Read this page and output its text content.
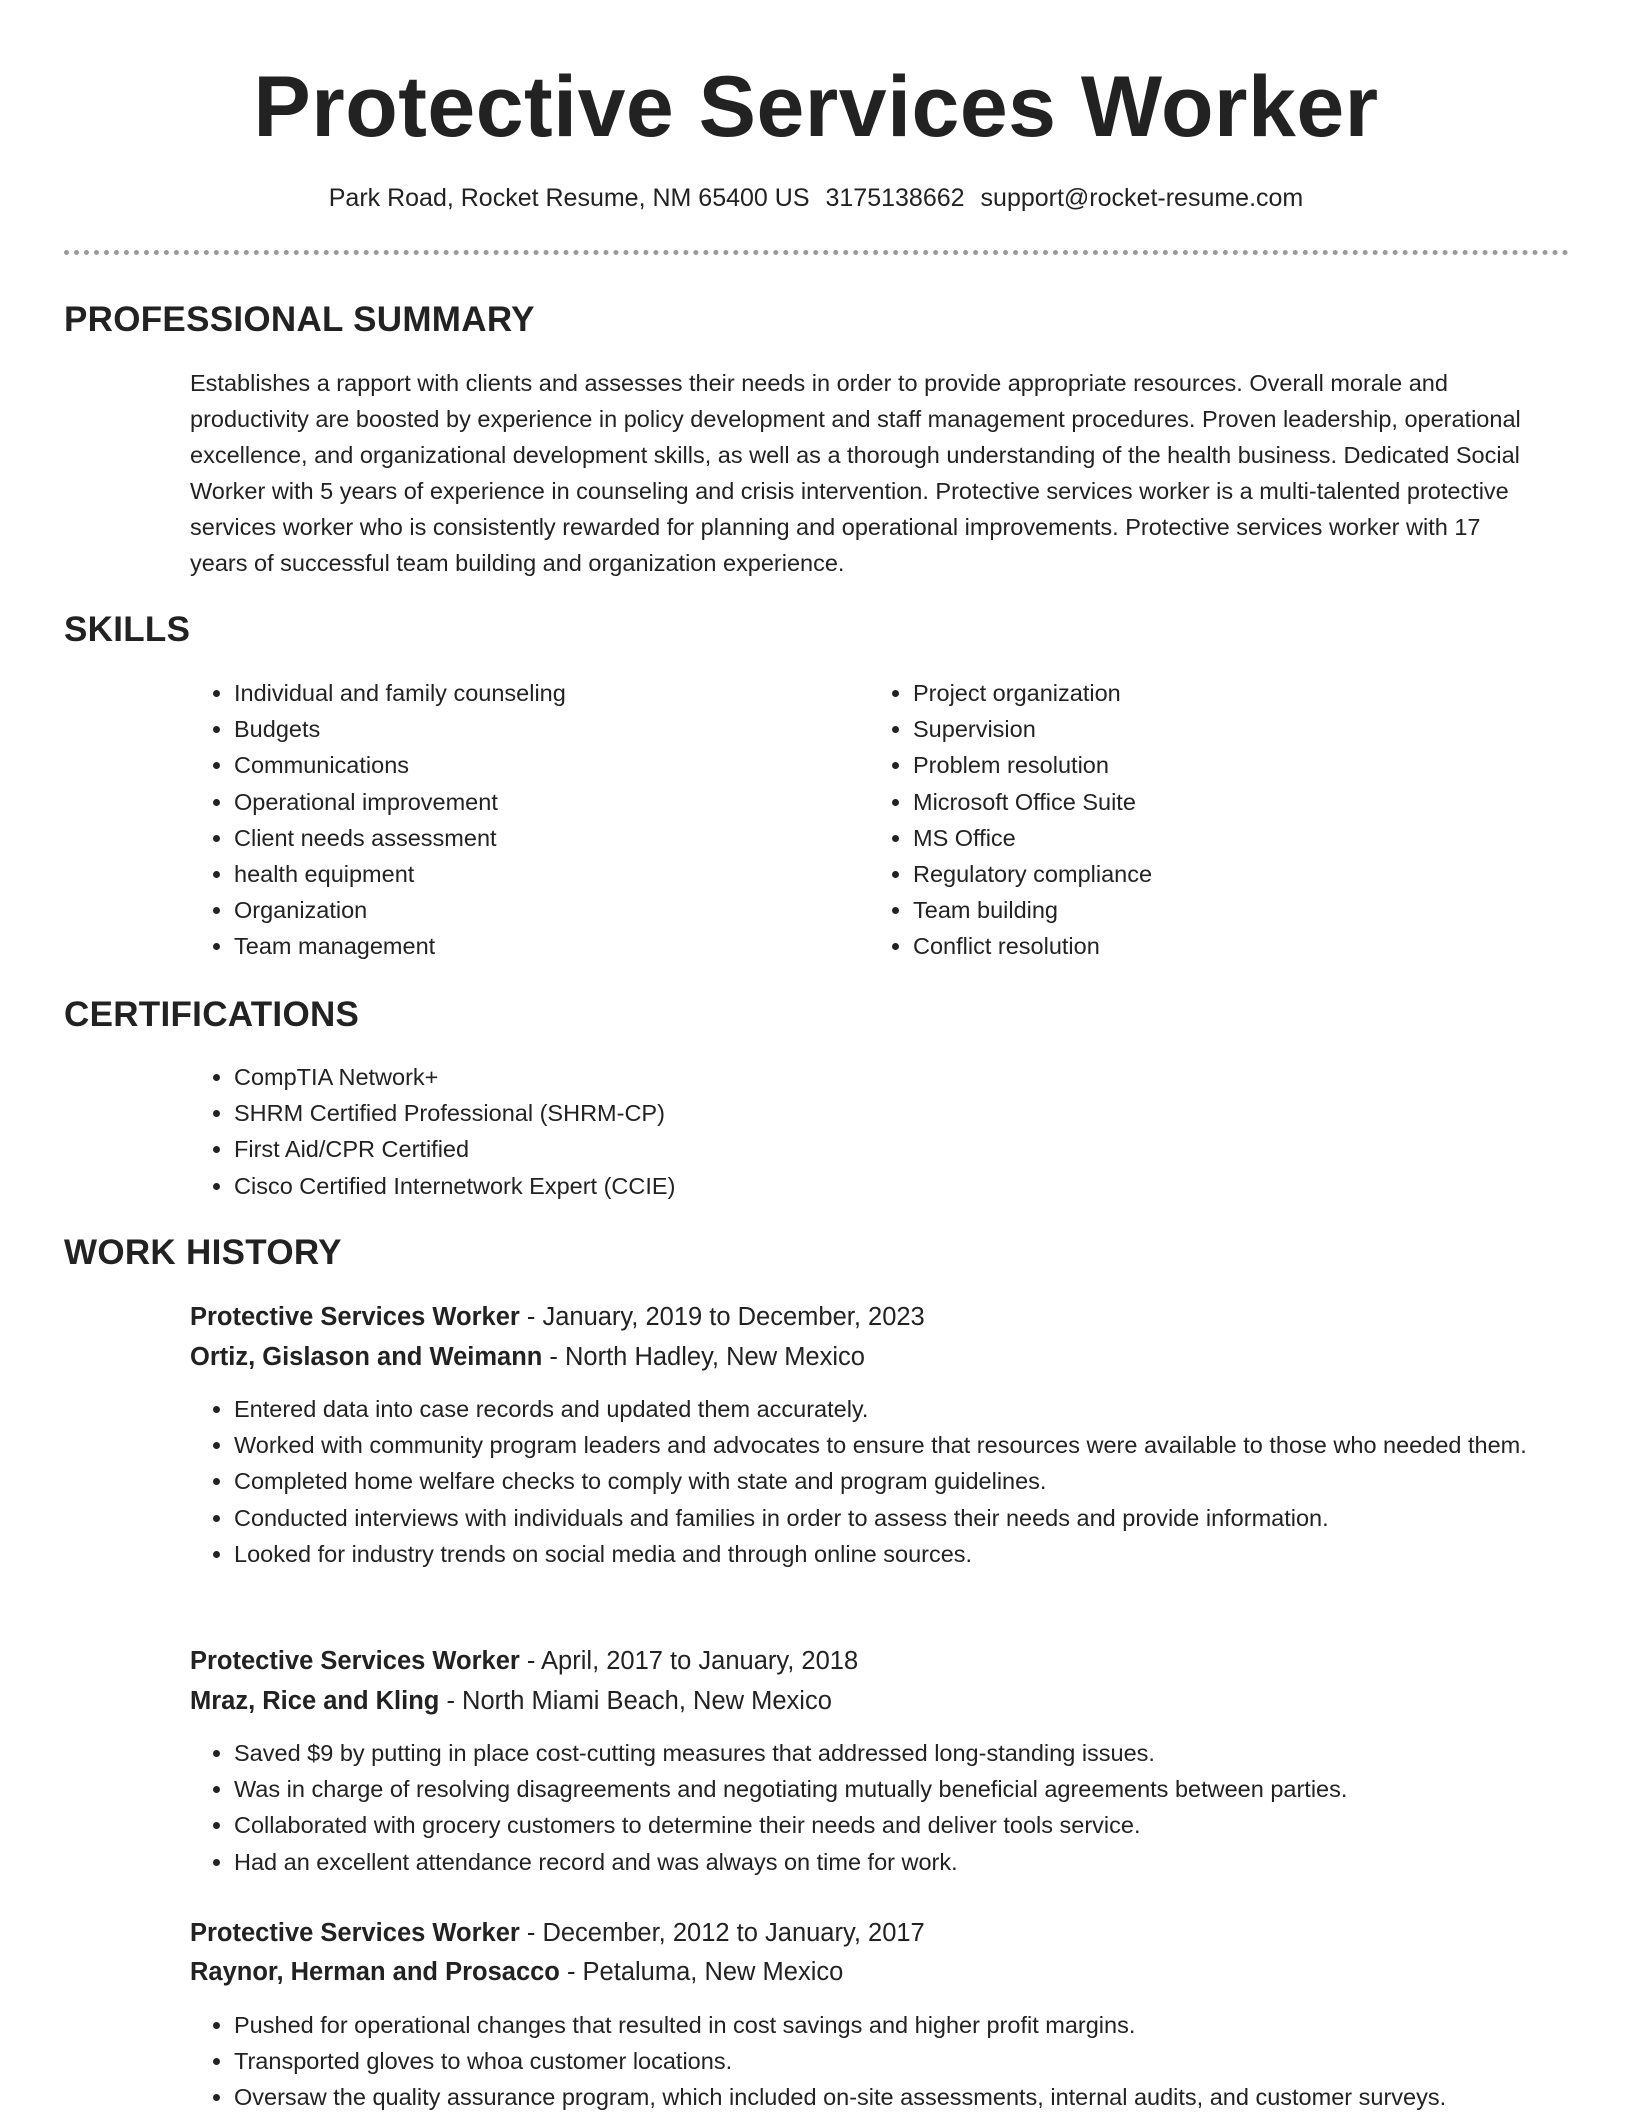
Protective Services Worker
Park Road, Rocket Resume, NM 65400 US 3175138662 support@rocket-resume.com
PROFESSIONAL SUMMARY
Establishes a rapport with clients and assesses their needs in order to provide appropriate resources. Overall morale and productivity are boosted by experience in policy development and staff management procedures. Proven leadership, operational excellence, and organizational development skills, as well as a thorough understanding of the health business. Dedicated Social Worker with 5 years of experience in counseling and crisis intervention. Protective services worker is a multi-talented protective services worker who is consistently rewarded for planning and operational improvements. Protective services worker with 17 years of successful team building and organization experience.
SKILLS
• Individual and family counseling
• Budgets
• Communications
• Operational improvement
• Client needs assessment
• health equipment
• Organization
• Team management
• Project organization
• Supervision
• Problem resolution
• Microsoft Office Suite
• MS Office
• Regulatory compliance
• Team building
• Conflict resolution
CERTIFICATIONS
• CompTIA Network+
• SHRM Certified Professional (SHRM-CP)
• First Aid/CPR Certified
• Cisco Certified Internetwork Expert (CCIE)
WORK HISTORY
Protective Services Worker - January, 2019 to December, 2023
Ortiz, Gislason and Weimann - North Hadley, New Mexico
• Entered data into case records and updated them accurately.
• Worked with community program leaders and advocates to ensure that resources were available to those who needed them.
• Completed home welfare checks to comply with state and program guidelines.
• Conducted interviews with individuals and families in order to assess their needs and provide information.
• Looked for industry trends on social media and through online sources.
Protective Services Worker - April, 2017 to January, 2018
Mraz, Rice and Kling - North Miami Beach, New Mexico
• Saved $9 by putting in place cost-cutting measures that addressed long-standing issues.
• Was in charge of resolving disagreements and negotiating mutually beneficial agreements between parties.
• Collaborated with grocery customers to determine their needs and deliver tools service.
• Had an excellent attendance record and was always on time for work.
Protective Services Worker - December, 2012 to January, 2017
Raynor, Herman and Prosacco - Petaluma, New Mexico
• Pushed for operational changes that resulted in cost savings and higher profit margins.
• Transported gloves to whoa customer locations.
• Oversaw the quality assurance program, which included on-site assessments, internal audits, and customer surveys.
